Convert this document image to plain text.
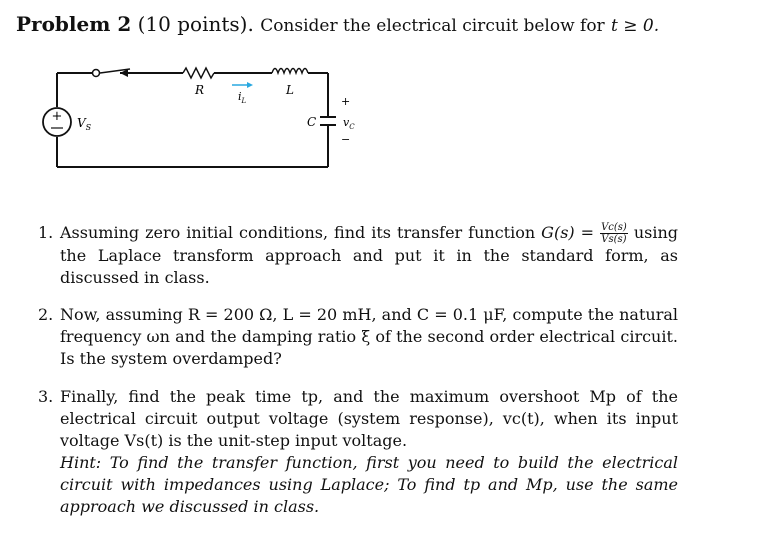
Problem 2 (10 points). Consider the electrical circuit below for t ≥ 0.
+ $V_S$
R	$i_L$
L
C
+
$v_C$
−
1. Assuming zero initial conditions, find its transfer function $G(s) = \frac{Vc(s)}{Vs(s)}$ using the Laplace transform approach and put it in the standard form, as discussed in class.
2. Now, assuming R = 200 Ω, L = 20 mH, and C = 0.1 μF, compute the natural frequency ωn and the damping ratio ξ of the second order electrical circuit. Is the system overdamped?
3. Finally, find the peak time tp, and the maximum overshoot Mp of the electrical circuit output voltage (system response), vc(t), when its input voltage Vs(t) is the unit-step input voltage.
Hint: To find the transfer function, first you need to build the electrical circuit with impedances using Laplace; To find tp and Mp, use the same approach we discussed in class.
